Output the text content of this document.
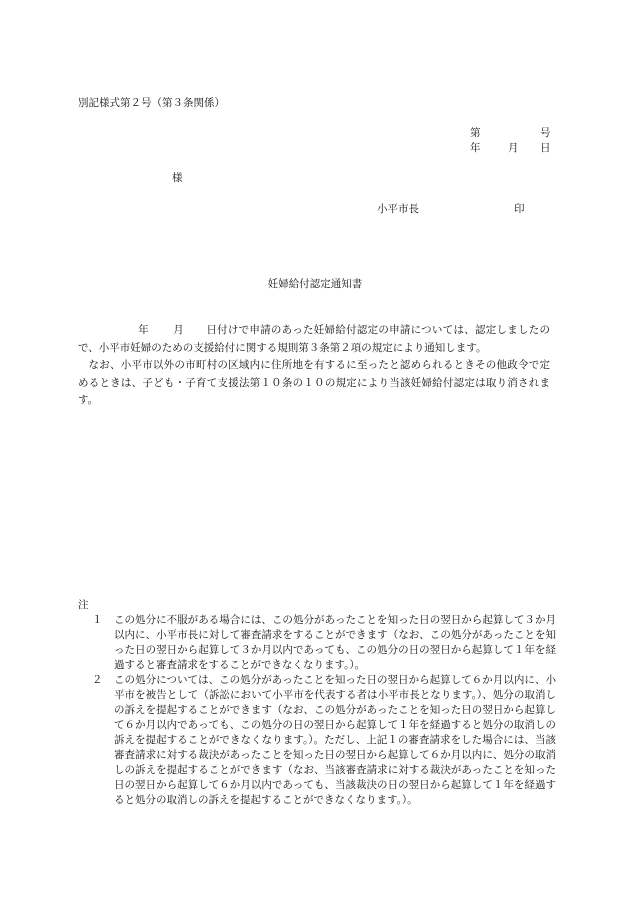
別記様式第２号（第３条関係）
第	号
年	月 日
様
小平市長	印
妊婦給付認定通知書

年 月 日付けで申請のあった妊婦給付認定の申請については、認定しましたので、小平市妊婦のための支援給付に関する規則第３条第２項の規定により通知します。

なお、小平市以外の市町村の区域内に住所地を有するに至ったと認められるときその他政令で定めるときは、子ども・子育て支援法第１０条の１０の規定により当該妊婦給付認定は取り消されます。

注
１	この処分に不服がある場合には、この処分があったことを知った日の翌日から起算して３か月以内に、小平市長に対して審査請求をすることができます（なお、この処分があったことを知った日の翌日から起算して３か月以内であっても、この処分の日の翌日から起算して１年を経過すると審査請求をすることができなくなります。）。
２	この処分については、この処分があったことを知った日の翌日から起算して６か月以内に、小平市を被告として（訴訟において小平市を代表する者は小平市長となります。）、処分の取消しの訴えを提起することができます（なお、この処分があったことを知った日の翌日から起算して６か月以内であっても、この処分の日の翌日から起算して１年を経過すると処分の取消しの訴えを提起することができなくなります。）。ただし、上記１の審査請求をした場合には、当該審査請求に対する裁決があったことを知った日の翌日から起算して６か月以内に、処分の取消しの訴えを提起することができます（なお、当該審査請求に対する裁決があったことを知った日の翌日から起算して６か月以内であっても、当該裁決の日の翌日から起算して１年を経過すると処分の取消しの訴えを提起することができなくなります。）。
